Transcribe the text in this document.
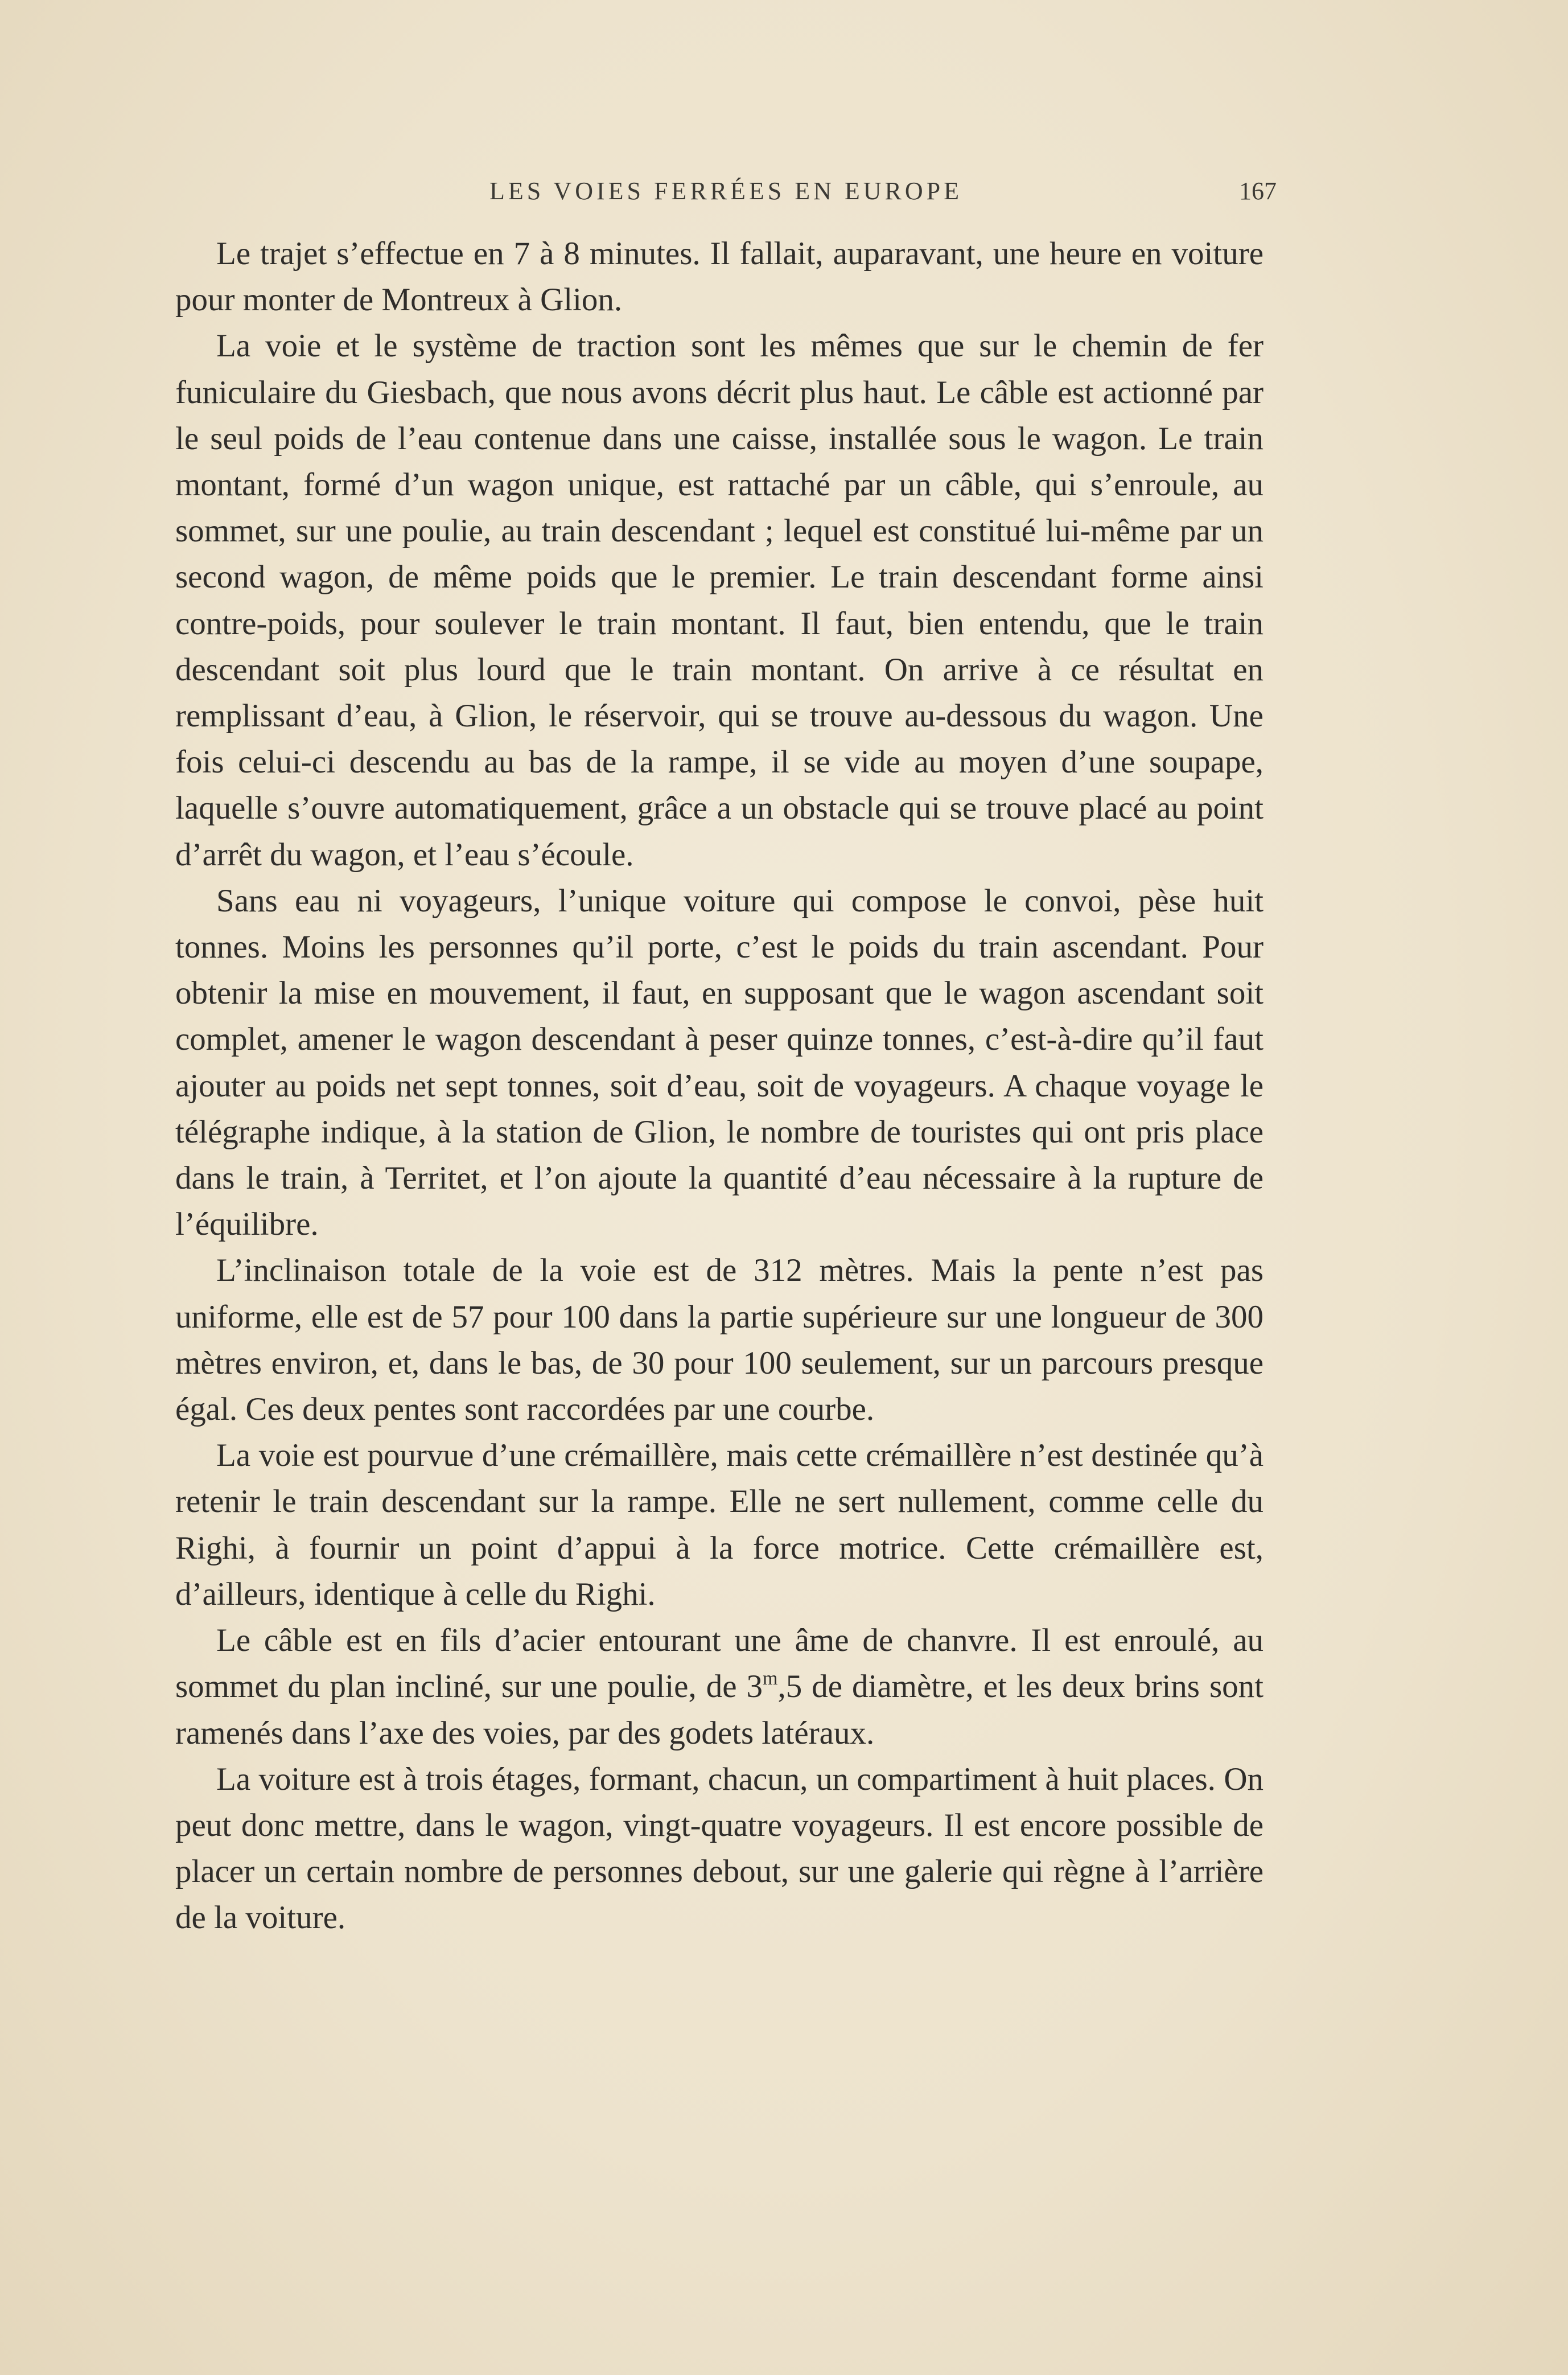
LES VOIES FERRÉES EN EUROPE	167

Le trajet s’effectue en 7 à 8 minutes. Il fallait, auparavant, une heure en voiture pour monter de Montreux à Glion.

La voie et le système de traction sont les mêmes que sur le chemin de fer funiculaire du Giesbach, que nous avons décrit plus haut. Le câble est actionné par le seul poids de l’eau contenue dans une caisse, installée sous le wagon. Le train montant, formé d’un wagon unique, est rattaché par un câble, qui s’enroule, au sommet, sur une poulie, au train descendant ; lequel est constitué lui-même par un second wagon, de même poids que le premier. Le train descendant forme ainsi contre-poids, pour soulever le train montant. Il faut, bien entendu, que le train descendant soit plus lourd que le train montant. On arrive à ce résultat en remplissant d’eau, à Glion, le réservoir, qui se trouve au-dessous du wagon. Une fois celui-ci descendu au bas de la rampe, il se vide au moyen d’une soupape, laquelle s’ouvre automatiquement, grâce a un obstacle qui se trouve placé au point d’arrêt du wagon, et l’eau s’écoule.

Sans eau ni voyageurs, l’unique voiture qui compose le convoi, pèse huit tonnes. Moins les personnes qu’il porte, c’est le poids du train ascendant. Pour obtenir la mise en mouvement, il faut, en supposant que le wagon ascendant soit complet, amener le wagon descendant à peser quinze tonnes, c’est-à-dire qu’il faut ajouter au poids net sept tonnes, soit d’eau, soit de voyageurs. A chaque voyage le télégraphe indique, à la station de Glion, le nombre de touristes qui ont pris place dans le train, à Territet, et l’on ajoute la quantité d’eau nécessaire à la rupture de l’équilibre.

L’inclinaison totale de la voie est de 312 mètres. Mais la pente n’est pas uniforme, elle est de 57 pour 100 dans la partie supérieure sur une longueur de 300 mètres environ, et, dans le bas, de 30 pour 100 seulement, sur un parcours presque égal. Ces deux pentes sont raccordées par une courbe.

La voie est pourvue d’une crémaillère, mais cette crémaillère n’est destinée qu’à retenir le train descendant sur la rampe. Elle ne sert nullement, comme celle du Righi, à fournir un point d’appui à la force motrice. Cette crémaillère est, d’ailleurs, identique à celle du Righi.

Le câble est en fils d’acier entourant une âme de chanvre. Il est enroulé, au sommet du plan incliné, sur une poulie, de 3$^m$,5 de diamètre, et les deux brins sont ramenés dans l’axe des voies, par des godets latéraux.

La voiture est à trois étages, formant, chacun, un compartiment à huit places. On peut donc mettre, dans le wagon, vingt-quatre voyageurs. Il est encore possible de placer un certain nombre de personnes debout, sur une galerie qui règne à l’arrière de la voiture.
